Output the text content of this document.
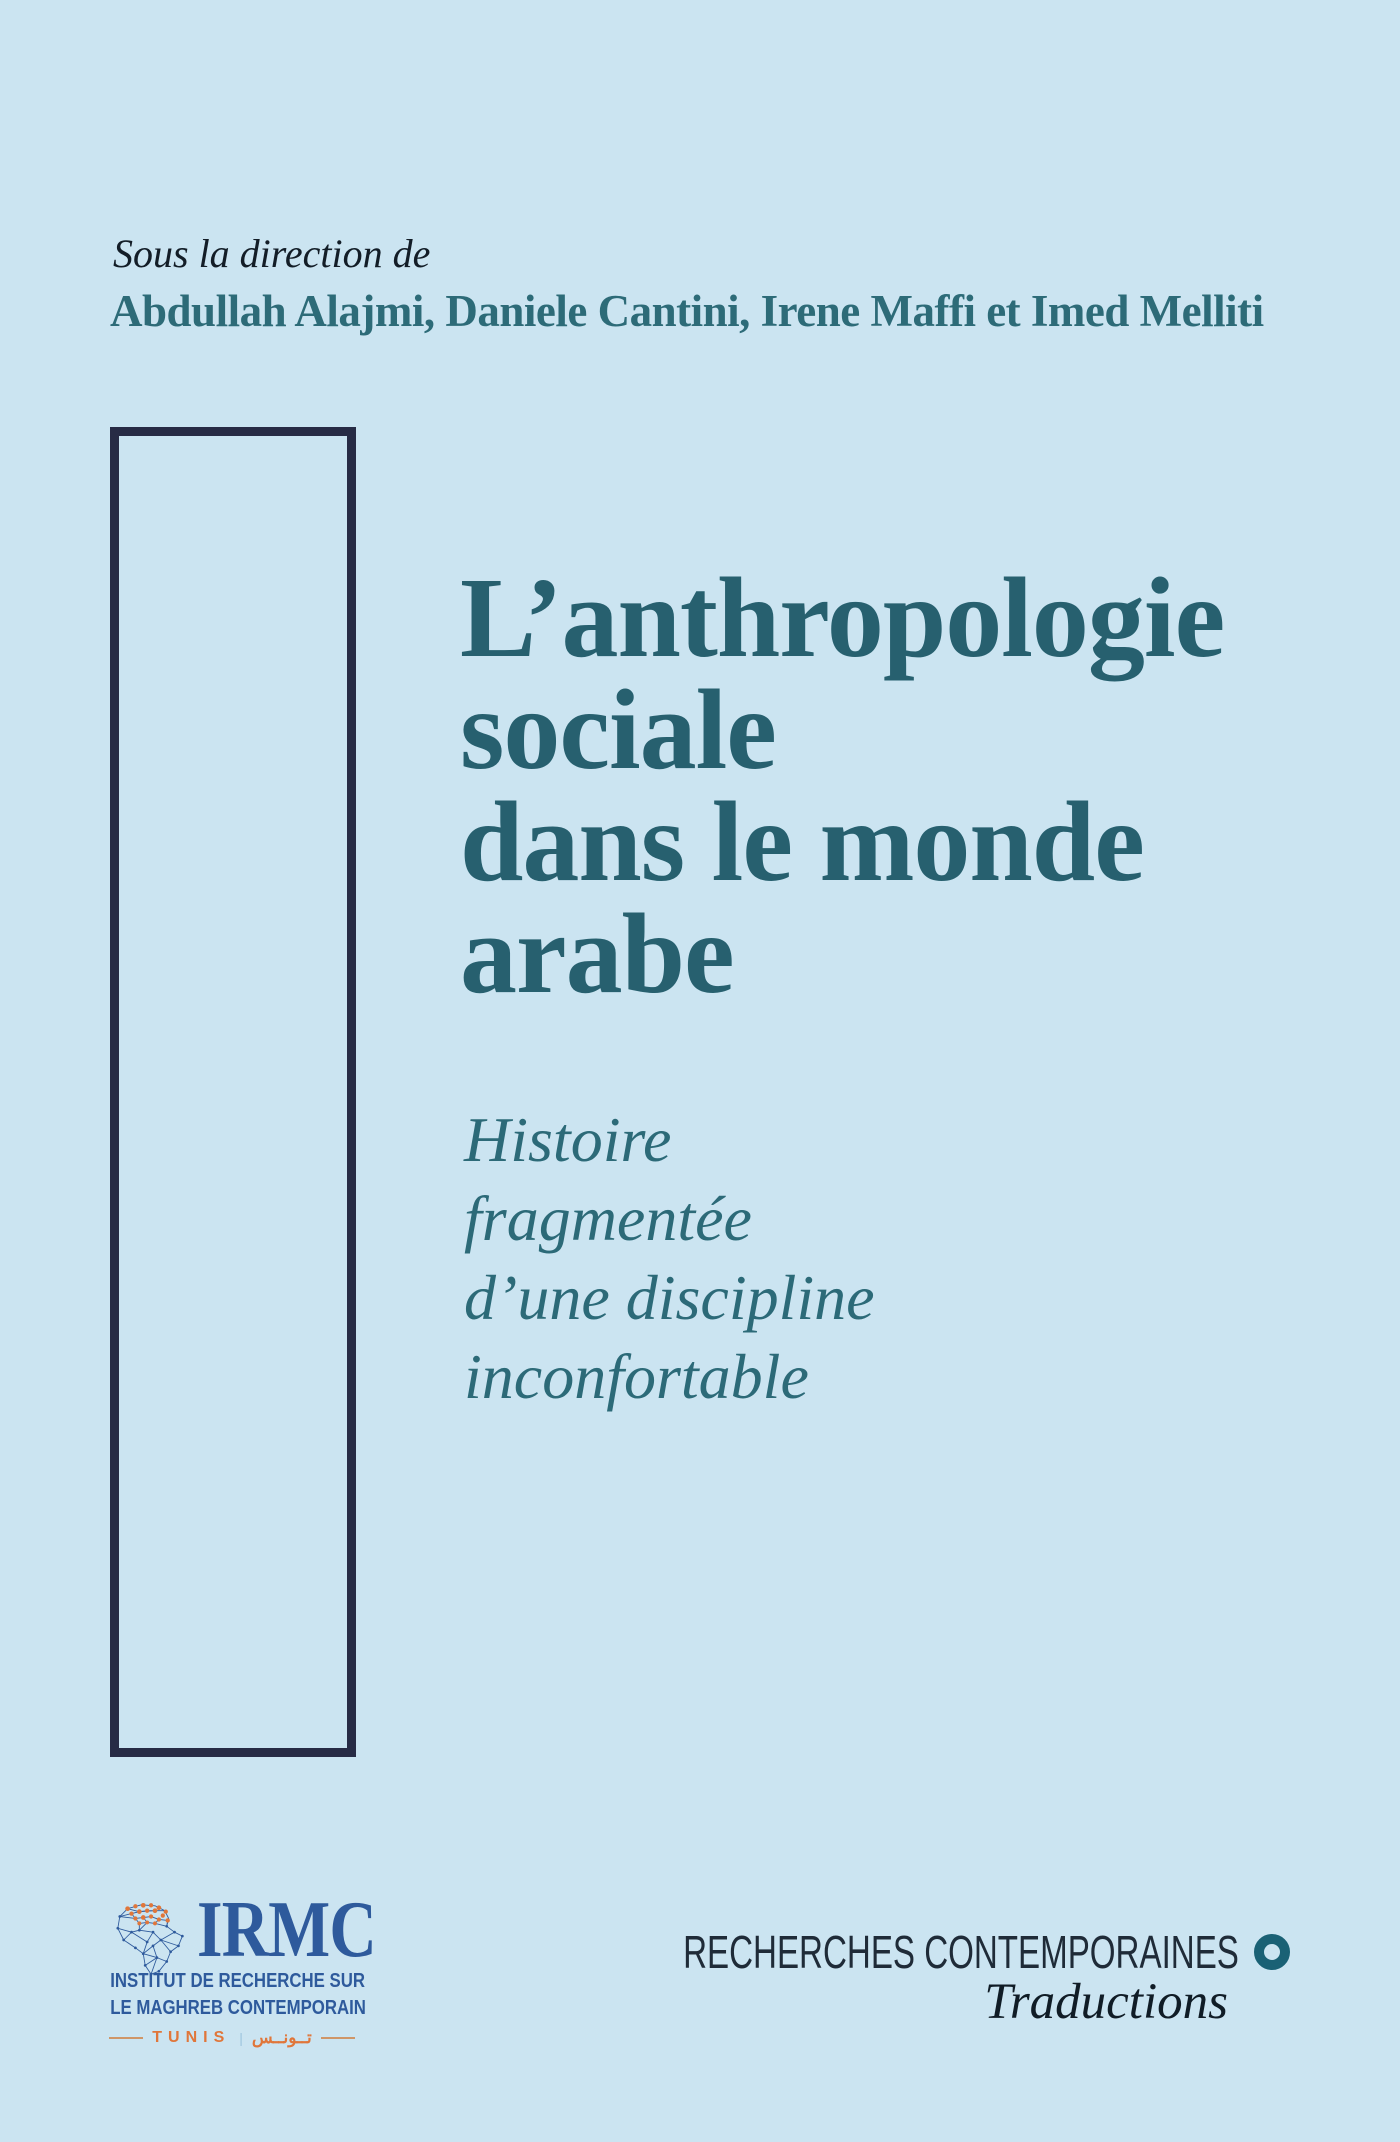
Sous la direction de
Abdullah Alajmi, Daniele Cantini, Irene Maffi et Imed Melliti
L’anthropologie
sociale
dans le monde
arabe
Histoire
fragmentée
d’une discipline
inconfortable
IRMC
INSTITUT DE RECHERCHE SUR
LE MAGHREB CONTEMPORAIN
TUNIS | تــونــس
RECHERCHES CONTEMPORAINES
Traductions
